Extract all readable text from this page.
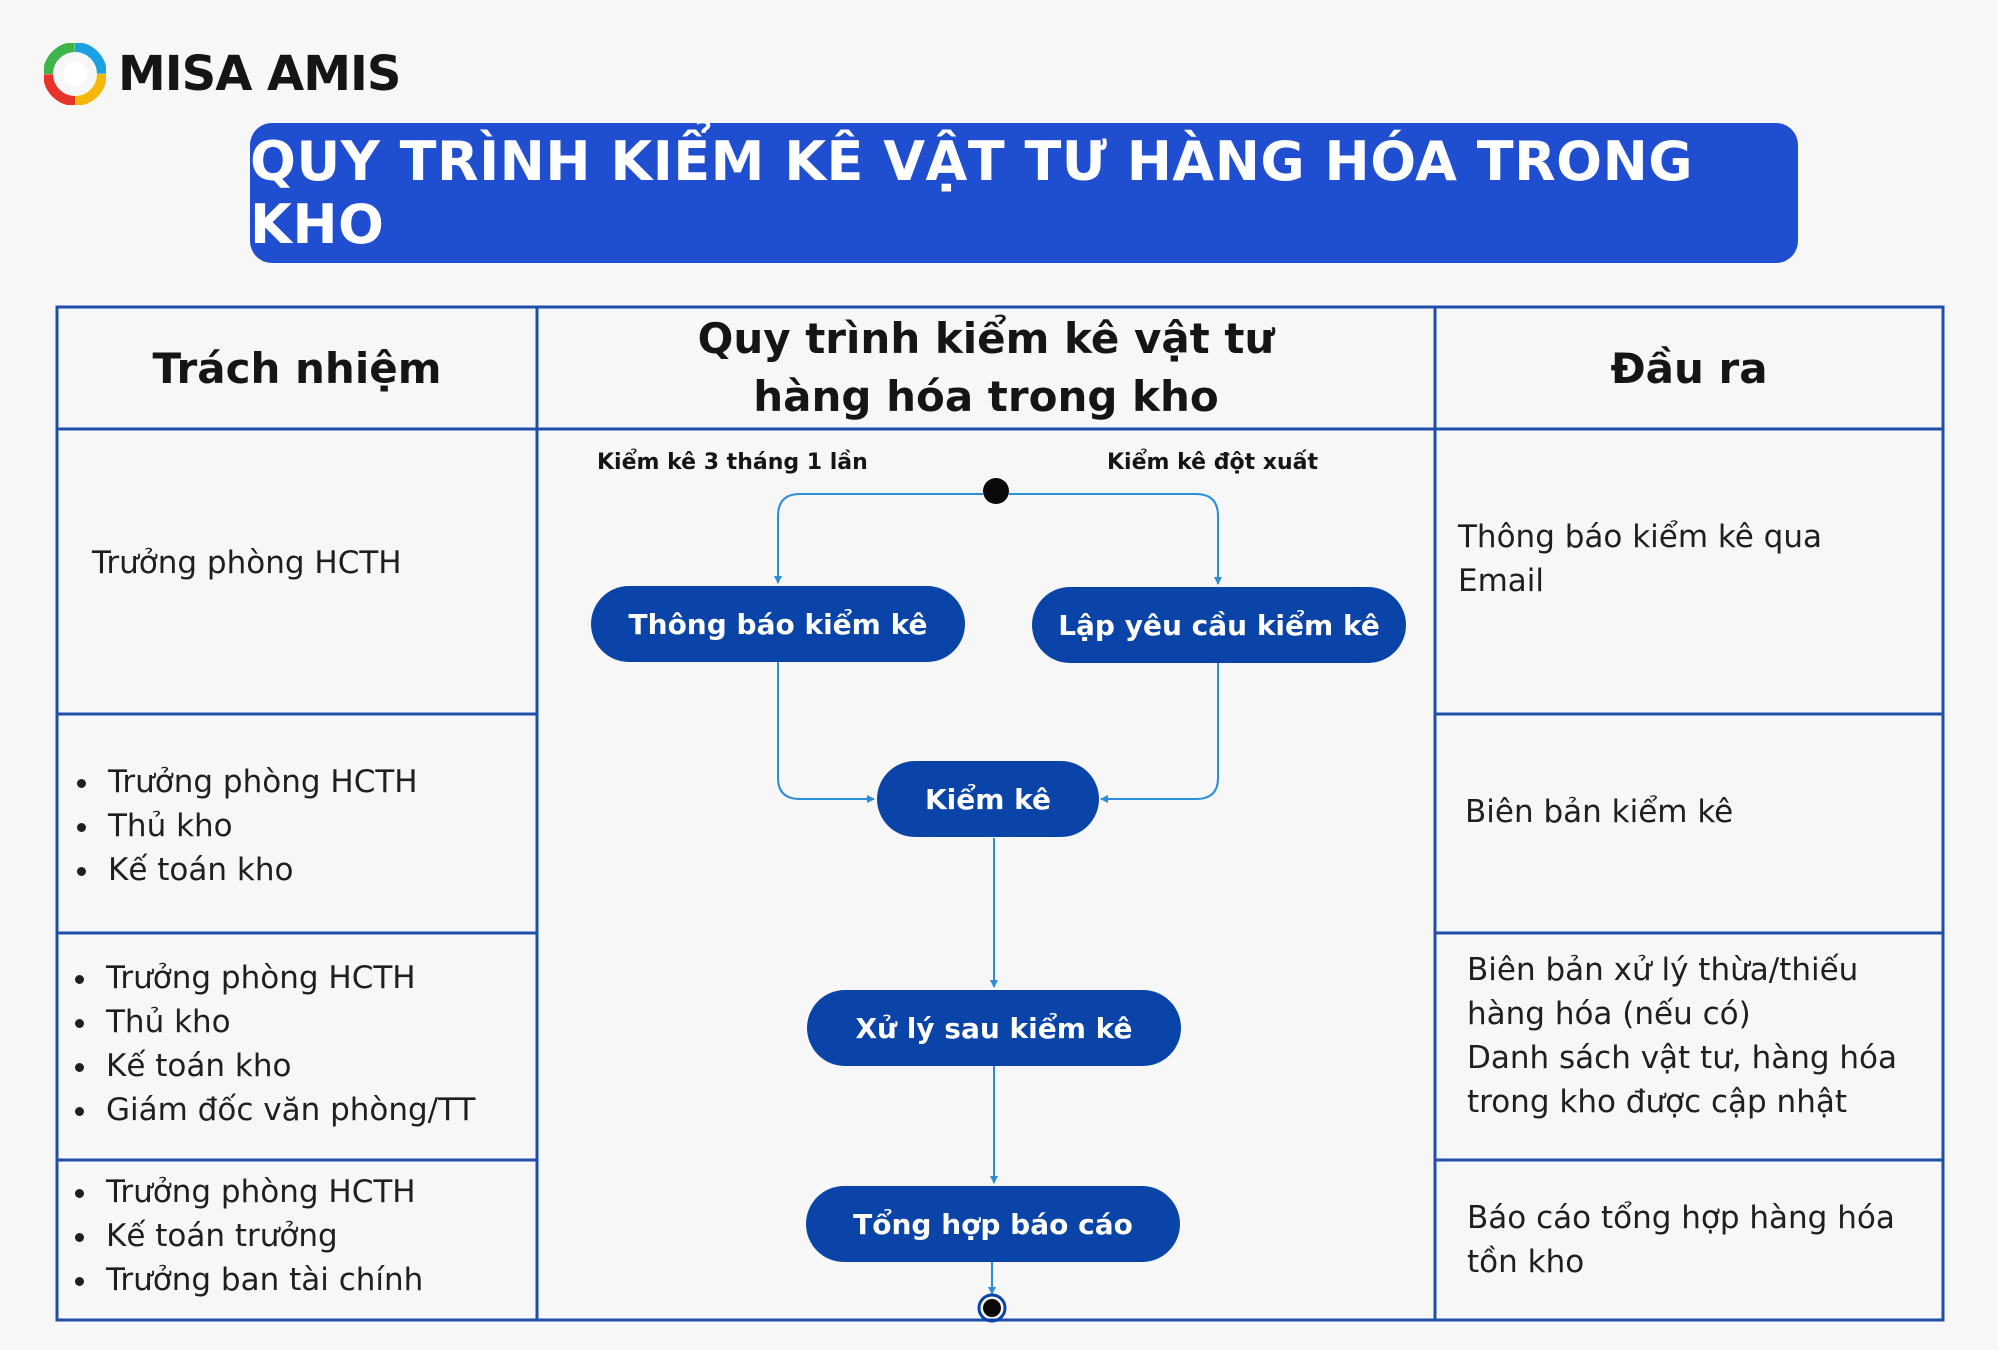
MISA AMIS
QUY TRÌNH KIỂM KÊ VẬT TƯ HÀNG HÓA TRONG KHO
Trách nhiệm
Quy trình kiểm kê vật tư
hàng hóa trong kho
Đầu ra
Trưởng phòng HCTH
• Trưởng phòng HCTH
• Thủ kho
• Kế toán kho
• Trưởng phòng HCTH
• Thủ kho
• Kế toán kho
• Giám đốc văn phòng/TT
• Trưởng phòng HCTH
• Kế toán trưởng
• Trưởng ban tài chính
Thông báo kiểm kê qua Email
Biên bản kiểm kê
Biên bản xử lý thừa/thiếu hàng hóa (nếu có)
Danh sách vật tư, hàng hóa trong kho được cập nhật
Báo cáo tổng hợp hàng hóa tồn kho
Kiểm kê 3 tháng 1 lần	Kiểm kê đột xuất
Thông báo kiểm kê	Lập yêu cầu kiểm kê
Kiểm kê
Xử lý sau kiểm kê
Tổng hợp báo cáo
